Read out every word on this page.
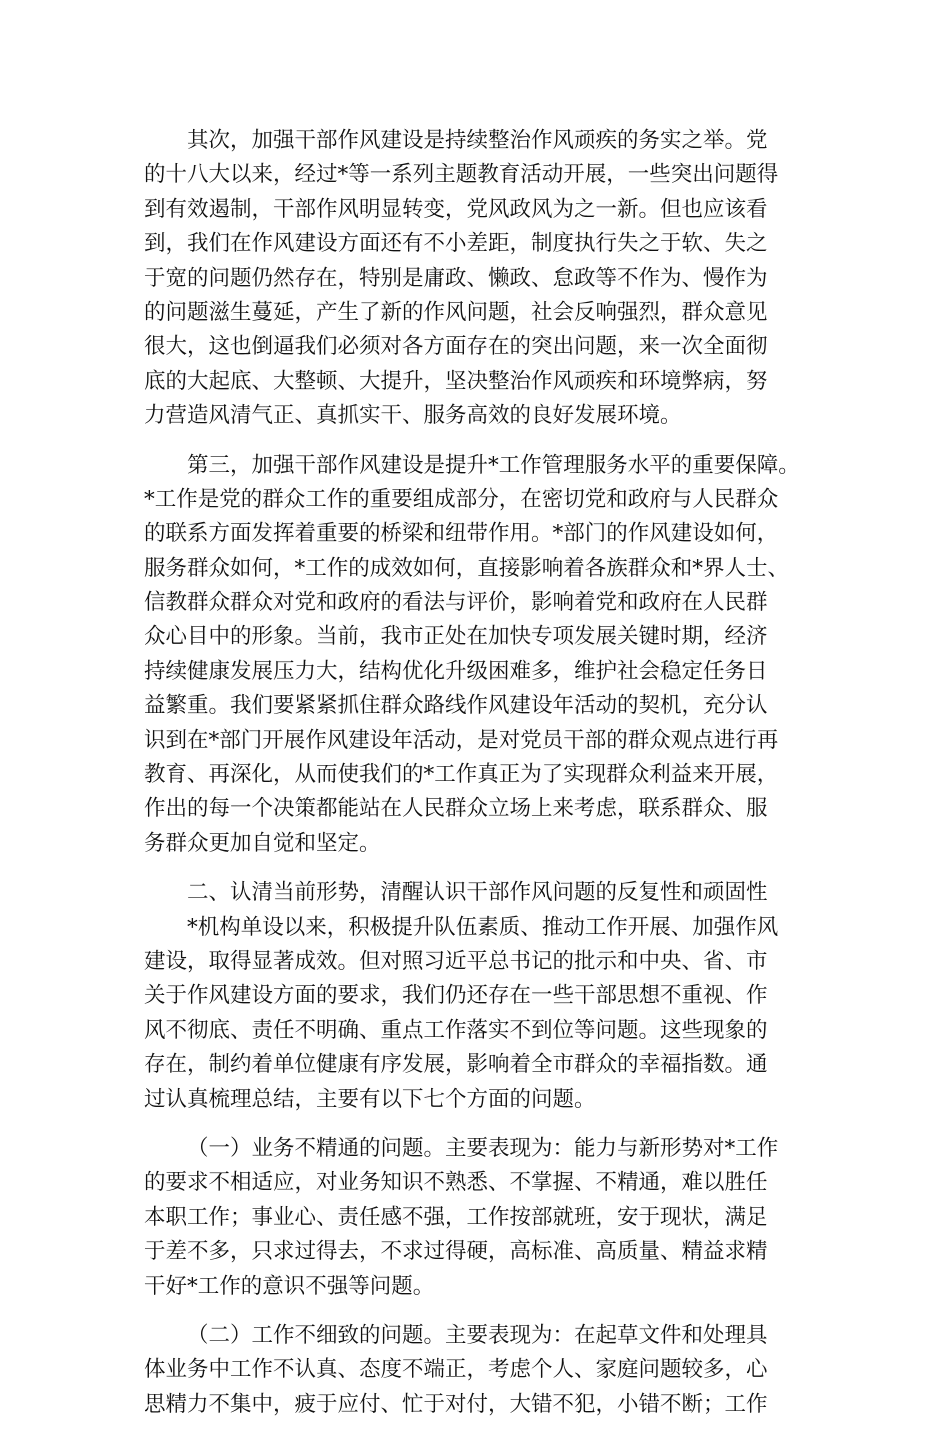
其次，加强干部作风建设是持续整治作风顽疾的务实之举。党
的十八大以来，经过*等一系列主题教育活动开展，一些突出问题得
到有效遏制，干部作风明显转变，党风政风为之一新。但也应该看
到，我们在作风建设方面还有不小差距，制度执行失之于软、失之
于宽的问题仍然存在，特别是庸政、懒政、怠政等不作为、慢作为
的问题滋生蔓延，产生了新的作风问题，社会反响强烈，群众意见
很大，这也倒逼我们必须对各方面存在的突出问题，来一次全面彻
底的大起底、大整顿、大提升，坚决整治作风顽疾和环境弊病，努
力营造风清气正、真抓实干、服务高效的良好发展环境。
第三，加强干部作风建设是提升*工作管理服务水平的重要保障。
*工作是党的群众工作的重要组成部分，在密切党和政府与人民群众
的联系方面发挥着重要的桥梁和纽带作用。*部门的作风建设如何，
服务群众如何，*工作的成效如何，直接影响着各族群众和*界人士、
信教群众群众对党和政府的看法与评价，影响着党和政府在人民群
众心目中的形象。当前，我市正处在加快专项发展关键时期，经济
持续健康发展压力大，结构优化升级困难多，维护社会稳定任务日
益繁重。我们要紧紧抓住群众路线作风建设年活动的契机，充分认
识到在*部门开展作风建设年活动，是对党员干部的群众观点进行再
教育、再深化，从而使我们的*工作真正为了实现群众利益来开展，
作出的每一个决策都能站在人民群众立场上来考虑，联系群众、服
务群众更加自觉和坚定。
二、认清当前形势，清醒认识干部作风问题的反复性和顽固性
*机构单设以来，积极提升队伍素质、推动工作开展、加强作风
建设，取得显著成效。但对照习近平总书记的批示和中央、省、市
关于作风建设方面的要求，我们仍还存在一些干部思想不重视、作
风不彻底、责任不明确、重点工作落实不到位等问题。这些现象的
存在，制约着单位健康有序发展，影响着全市群众的幸福指数。通
过认真梳理总结，主要有以下七个方面的问题。
（一）业务不精通的问题。主要表现为：能力与新形势对*工作
的要求不相适应，对业务知识不熟悉、不掌握、不精通，难以胜任
本职工作；事业心、责任感不强，工作按部就班，安于现状，满足
于差不多，只求过得去，不求过得硬，高标准、高质量、精益求精
干好*工作的意识不强等问题。
（二）工作不细致的问题。主要表现为：在起草文件和处理具
体业务中工作不认真、态度不端正，考虑个人、家庭问题较多，心
思精力不集中，疲于应付、忙于对付，大错不犯，小错不断；工作
